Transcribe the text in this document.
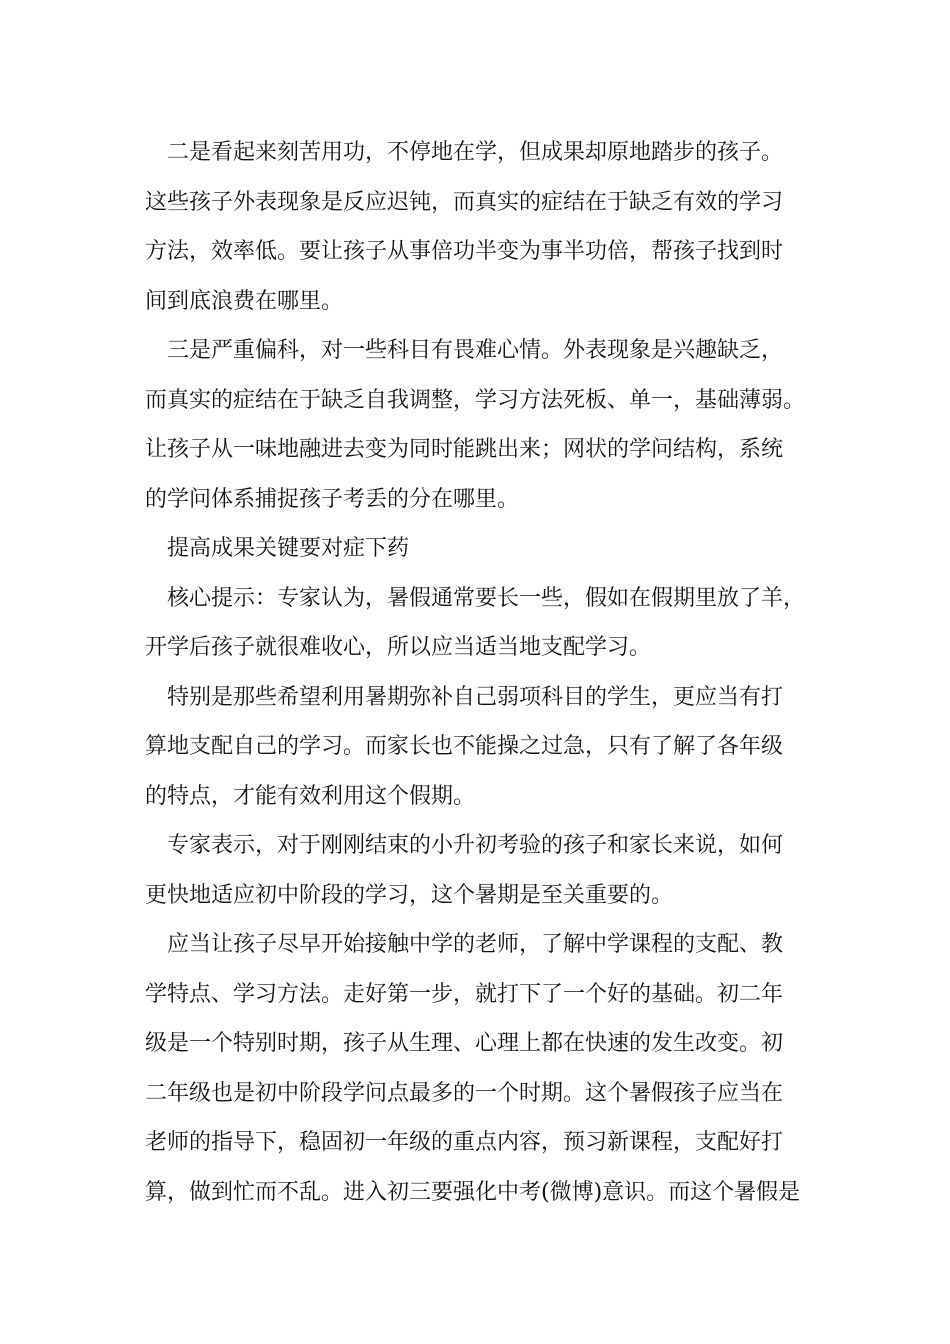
二是看起来刻苦用功，不停地在学，但成果却原地踏步的孩子。
这些孩子外表现象是反应迟钝，而真实的症结在于缺乏有效的学习
方法，效率低。要让孩子从事倍功半变为事半功倍，帮孩子找到时
间到底浪费在哪里。
三是严重偏科，对一些科目有畏难心情。外表现象是兴趣缺乏，
而真实的症结在于缺乏自我调整，学习方法死板、单一，基础薄弱。
让孩子从一味地融进去变为同时能跳出来；网状的学问结构，系统
的学问体系捕捉孩子考丢的分在哪里。
提高成果关键要对症下药
核心提示：专家认为，暑假通常要长一些，假如在假期里放了羊，
开学后孩子就很难收心，所以应当适当地支配学习。
特别是那些希望利用暑期弥补自己弱项科目的学生，更应当有打
算地支配自己的学习。而家长也不能操之过急，只有了解了各年级
的特点，才能有效利用这个假期。
专家表示，对于刚刚结束的小升初考验的孩子和家长来说，如何
更快地适应初中阶段的学习，这个暑期是至关重要的。
应当让孩子尽早开始接触中学的老师，了解中学课程的支配、教
学特点、学习方法。走好第一步，就打下了一个好的基础。初二年
级是一个特别时期，孩子从生理、心理上都在快速的发生改变。初
二年级也是初中阶段学问点最多的一个时期。这个暑假孩子应当在
老师的指导下，稳固初一年级的重点内容，预习新课程，支配好打
算，做到忙而不乱。进入初三要强化中考(微博)意识。而这个暑假是
